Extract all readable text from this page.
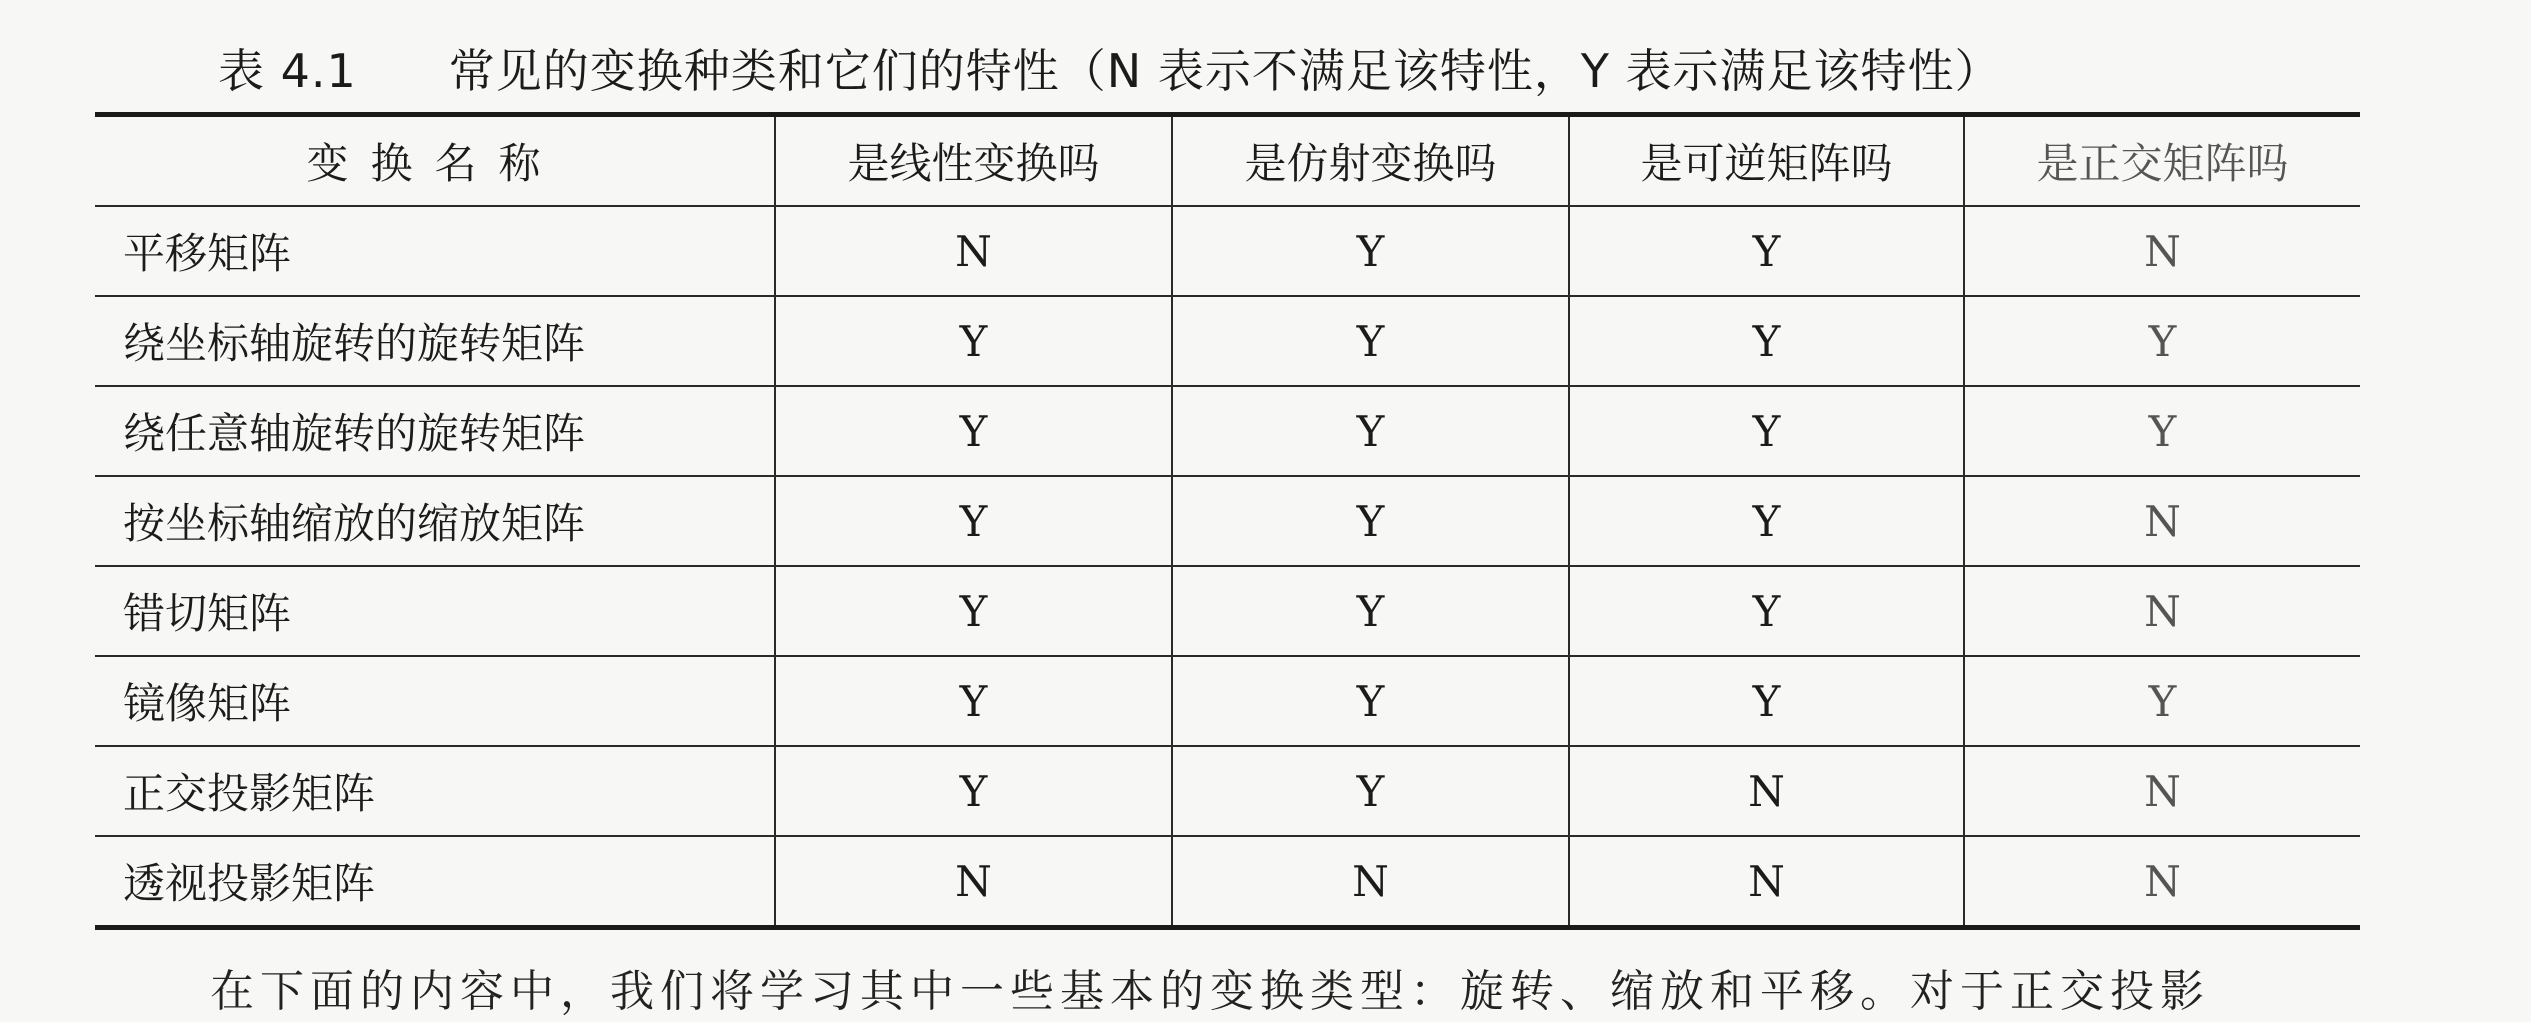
表 4.1 常见的变换种类和它们的特性（N 表示不满足该特性，Y 表示满足该特性）
变换名称	是线性变换吗	是仿射变换吗	是可逆矩阵吗	是正交矩阵吗
平移矩阵	N	Y	Y	N
绕坐标轴旋转的旋转矩阵	Y	Y	Y	Y
绕任意轴旋转的旋转矩阵	Y	Y	Y	Y
按坐标轴缩放的缩放矩阵	Y	Y	Y	N
错切矩阵	Y	Y	Y	N
镜像矩阵	Y	Y	Y	Y
正交投影矩阵	Y	Y	N	N
透视投影矩阵	N	N	N	N
在下面的内容中，我们将学习其中一些基本的变换类型：旋转、缩放和平移。对于正交投影
